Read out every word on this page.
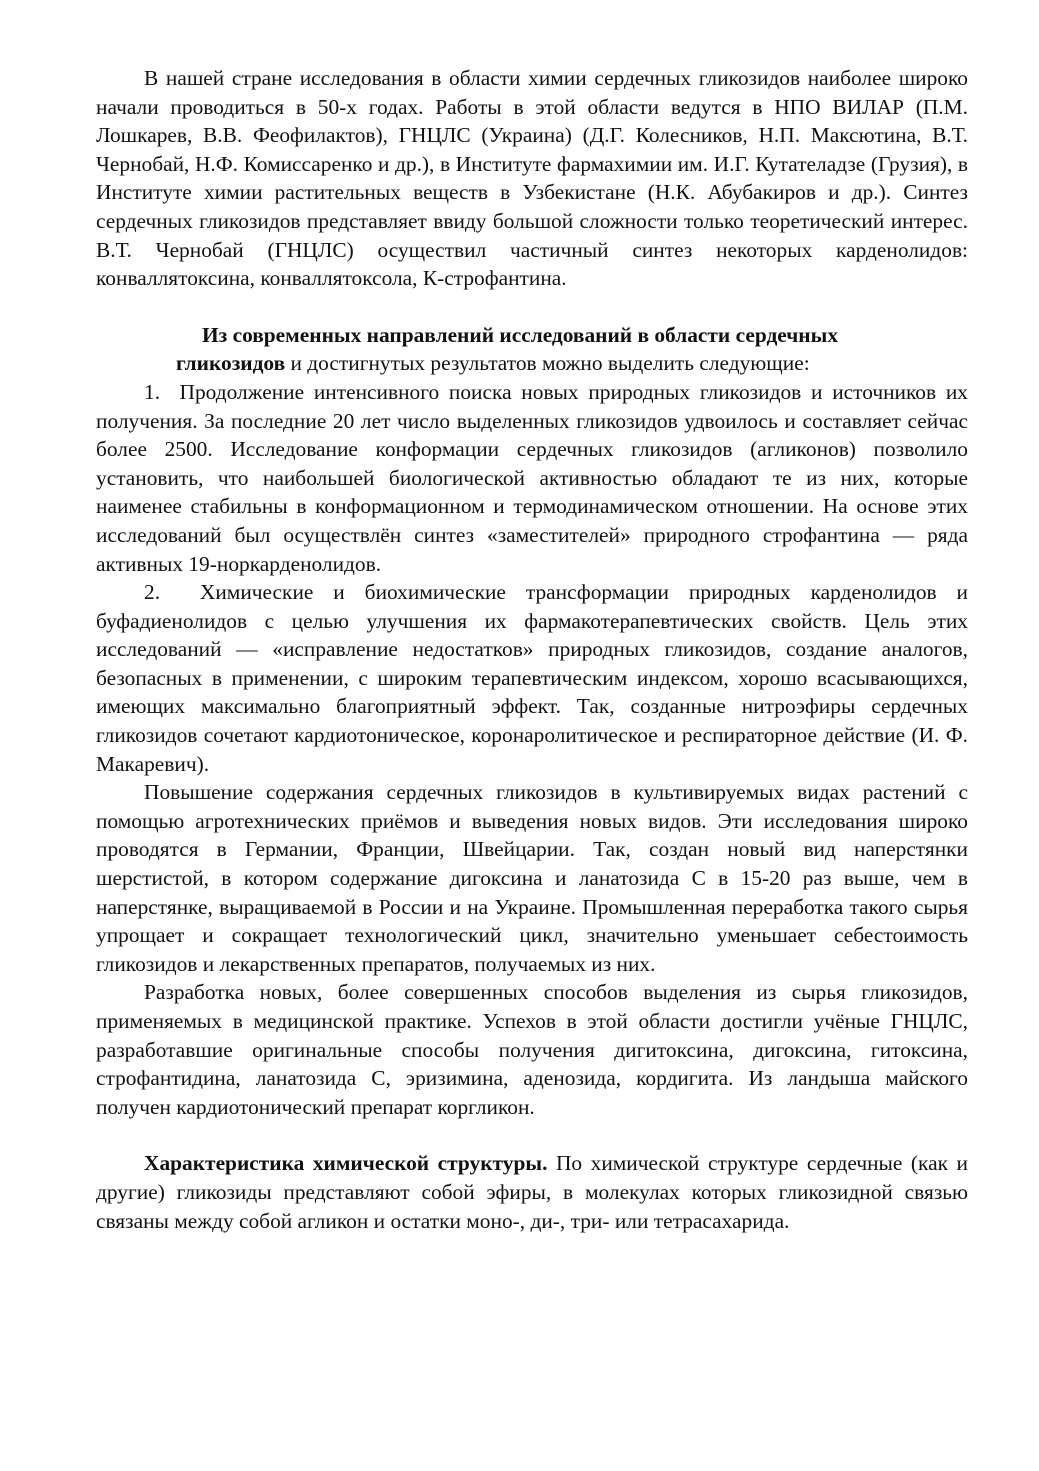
В нашей стране исследования в области химии сердечных гликозидов наиболее широко начали проводиться в 50-х годах. Работы в этой области ведутся в НПО ВИЛАР (П.М. Лошкарев, В.В. Феофилактов), ГНЦЛС (Украина) (Д.Г. Колесников, Н.П. Максютина, В.Т. Чернобай, Н.Ф. Комиссаренко и др.), в Институте фармахимии им. И.Г. Кутателадзе (Грузия), в Институте химии растительных веществ в Узбекистане (Н.К. Абубакиров и др.). Синтез сердечных гликозидов представляет ввиду большой сложности только теоретический интерес. В.Т. Чернобай (ГНЦЛС) осуществил частичный синтез некоторых карденолидов: конваллятоксина, конваллятоксола, К-строфантина.

Из современных направлений исследований в области сердечных
гликозидов и достигнутых результатов можно выделить следующие:

1.  Продолжение интенсивного поиска новых природных гликозидов и источников их получения. За последние 20 лет число выделенных гликозидов удвоилось и составляет сейчас более 2500. Исследование конформации сердечных гликозидов (агликонов) позволило установить, что наибольшей биологической активностью обладают те из них, которые наименее стабильны в конформационном и термодинамическом отношении. На основе этих исследований был осуществлён синтез «заместителей» природного строфантина — ряда активных 19-норкарденолидов.

2.  Химические и биохимические трансформации природных карденолидов и буфадиенолидов с целью улучшения их фармакотерапевтических свойств. Цель этих исследований — «исправление недостатков» природных гликозидов, создание аналогов, безопасных в применении, с широким терапевтическим индексом, хорошо всасывающихся, имеющих максимально благоприятный эффект. Так, созданные нитроэфиры сердечных гликозидов сочетают кардиотоническое, коронаролитическое и респираторное действие (И. Ф. Макаревич).

Повышение содержания сердечных гликозидов в культивируемых видах растений с помощью агротехнических приёмов и выведения новых видов. Эти исследования широко проводятся в Германии, Франции, Швейцарии. Так, создан новый вид наперстянки шерстистой, в котором содержание дигоксина и ланатозида С в 15-20 раз выше, чем в наперстянке, выращиваемой в России и на Украине. Промышленная переработка такого сырья упрощает и сокращает технологический цикл, значительно уменьшает себестоимость гликозидов и лекарственных препаратов, получаемых из них.

Разработка новых, более совершенных способов выделения из сырья гликозидов, применяемых в медицинской практике. Успехов в этой области достигли учёные ГНЦЛС, разработавшие оригинальные способы получения дигитоксина, дигоксина, гитоксина, строфантидина, ланатозида С, эризимина, аденозида, кордигита. Из ландыша майского получен кардиотонический препарат коргликон.

Характеристика химической структуры. По химической структуре сердечные (как и другие) гликозиды представляют собой эфиры, в молекулах которых гликозидной связью связаны между собой агликон и остатки моно-, ди-, три- или тетрасахарида.
